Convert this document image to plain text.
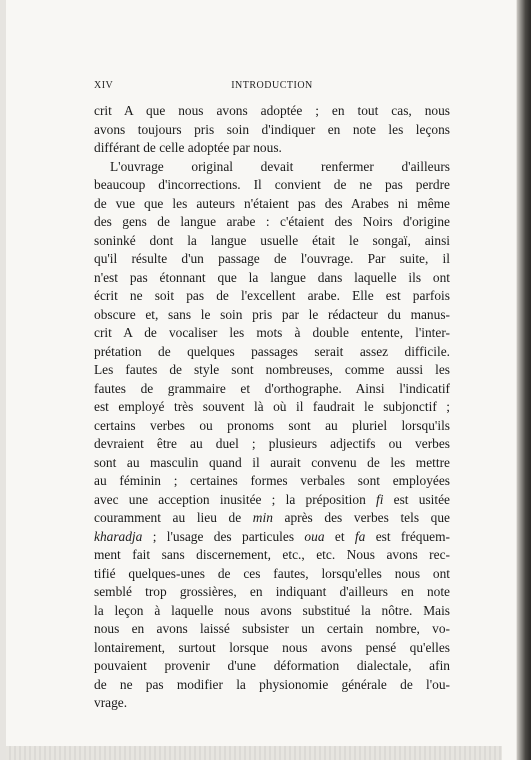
XIV	INTRODUCTION
crit A que nous avons adoptée ; en tout cas, nous
avons toujours pris soin d'indiquer en note les leçons
différant de celle adoptée par nous.
L'ouvrage original devait renfermer d'ailleurs
beaucoup d'incorrections. Il convient de ne pas perdre
de vue que les auteurs n'étaient pas des Arabes ni même
des gens de langue arabe : c'étaient des Noirs d'origine
soninké dont la langue usuelle était le songaï, ainsi
qu'il résulte d'un passage de l'ouvrage. Par suite, il
n'est pas étonnant que la langue dans laquelle ils ont
écrit ne soit pas de l'excellent arabe. Elle est parfois
obscure et, sans le soin pris par le rédacteur du manus-
crit A de vocaliser les mots à double entente, l'inter-
prétation de quelques passages serait assez difficile.
Les fautes de style sont nombreuses, comme aussi les
fautes de grammaire et d'orthographe. Ainsi l'indicatif
est employé très souvent là où il faudrait le subjonctif ;
certains verbes ou pronoms sont au pluriel lorsqu'ils
devraient être au duel ; plusieurs adjectifs ou verbes
sont au masculin quand il aurait convenu de les mettre
au féminin ; certaines formes verbales sont employées
avec une acception inusitée ; la préposition fi est usitée
couramment au lieu de min après des verbes tels que
kharadja ; l'usage des particules oua et fa est fréquem-
ment fait sans discernement, etc., etc. Nous avons rec-
tifié quelques-unes de ces fautes, lorsqu'elles nous ont
semblé trop grossières, en indiquant d'ailleurs en note
la leçon à laquelle nous avons substitué la nôtre. Mais
nous en avons laissé subsister un certain nombre, vo-
lontairement, surtout lorsque nous avons pensé qu'elles
pouvaient provenir d'une déformation dialectale, afin
de ne pas modifier la physionomie générale de l'ou-
vrage.
